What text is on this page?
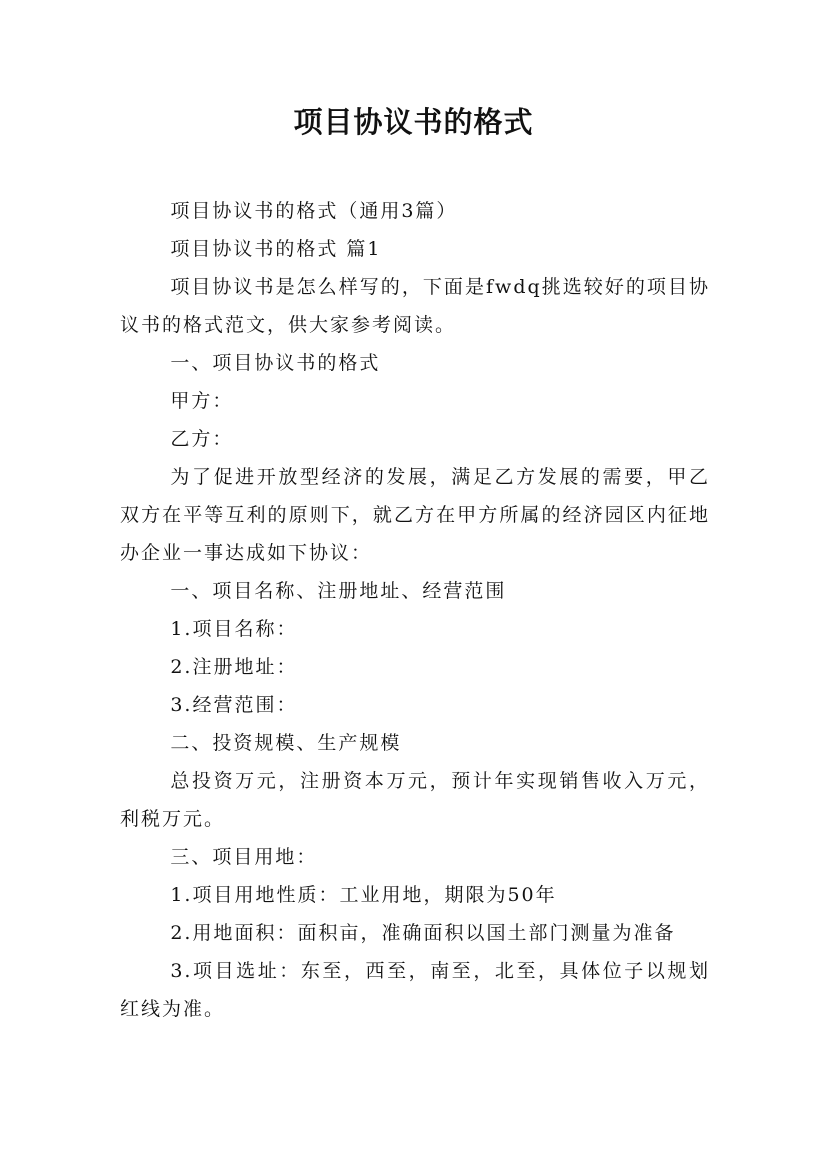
项目协议书的格式

项目协议书的格式（通用3篇）

项目协议书的格式 篇1

项目协议书是怎么样写的，下面是fwdq挑选较好的项目协议书的格式范文，供大家参考阅读。

一、项目协议书的格式

甲方：

乙方：

为了促进开放型经济的发展，满足乙方发展的需要，甲乙双方在平等互利的原则下，就乙方在甲方所属的经济园区内征地办企业一事达成如下协议：

一、项目名称、注册地址、经营范围

1.项目名称：

2.注册地址：

3.经营范围：

二、投资规模、生产规模

总投资万元，注册资本万元，预计年实现销售收入万元，利税万元。

三、项目用地：

1.项目用地性质：工业用地，期限为50年

2.用地面积：面积亩，准确面积以国土部门测量为准备

3.项目选址：东至，西至，南至，北至，具体位子以规划红线为准。
